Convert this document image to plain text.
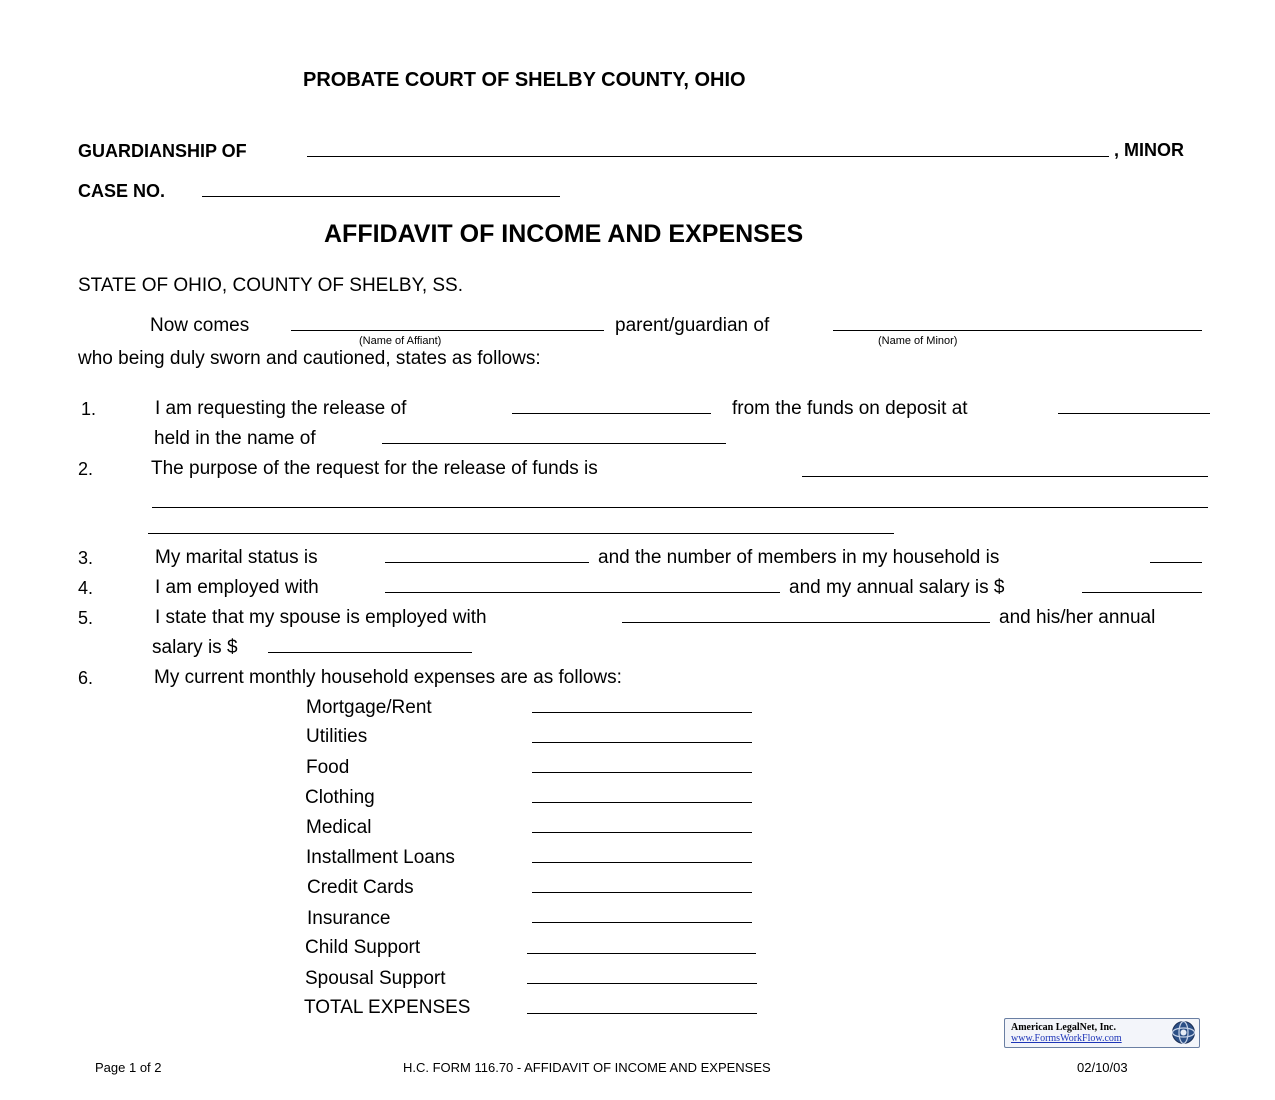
PROBATE COURT OF SHELBY COUNTY, OHIO
GUARDIANSHIP OF	, MINOR
CASE NO.
AFFIDAVIT OF INCOME AND EXPENSES
STATE OF OHIO, COUNTY OF SHELBY, SS.
Now comes	parent/guardian of
(Name of Affiant)	(Name of Minor)
who being duly sworn and cautioned, states as follows:
1.	I am requesting the release of	from the funds on deposit at
held in the name of
2.	The purpose of the request for the release of funds is
3.	My marital status is	and the number of members in my household is
4.	I am employed with	and my annual salary is $
5.	I state that my spouse is employed with	and his/her annual
salary is $
6.	My current monthly household expenses are as follows:
Mortgage/Rent
Utilities
Food
Clothing
Medical
Installment Loans
Credit Cards
Insurance
Child Support
Spousal Support
TOTAL EXPENSES
American LegalNet, Inc.
www.FormsWorkFlow.com
Page 1 of 2	H.C. FORM 116.70 - AFFIDAVIT OF INCOME AND EXPENSES	02/10/03
